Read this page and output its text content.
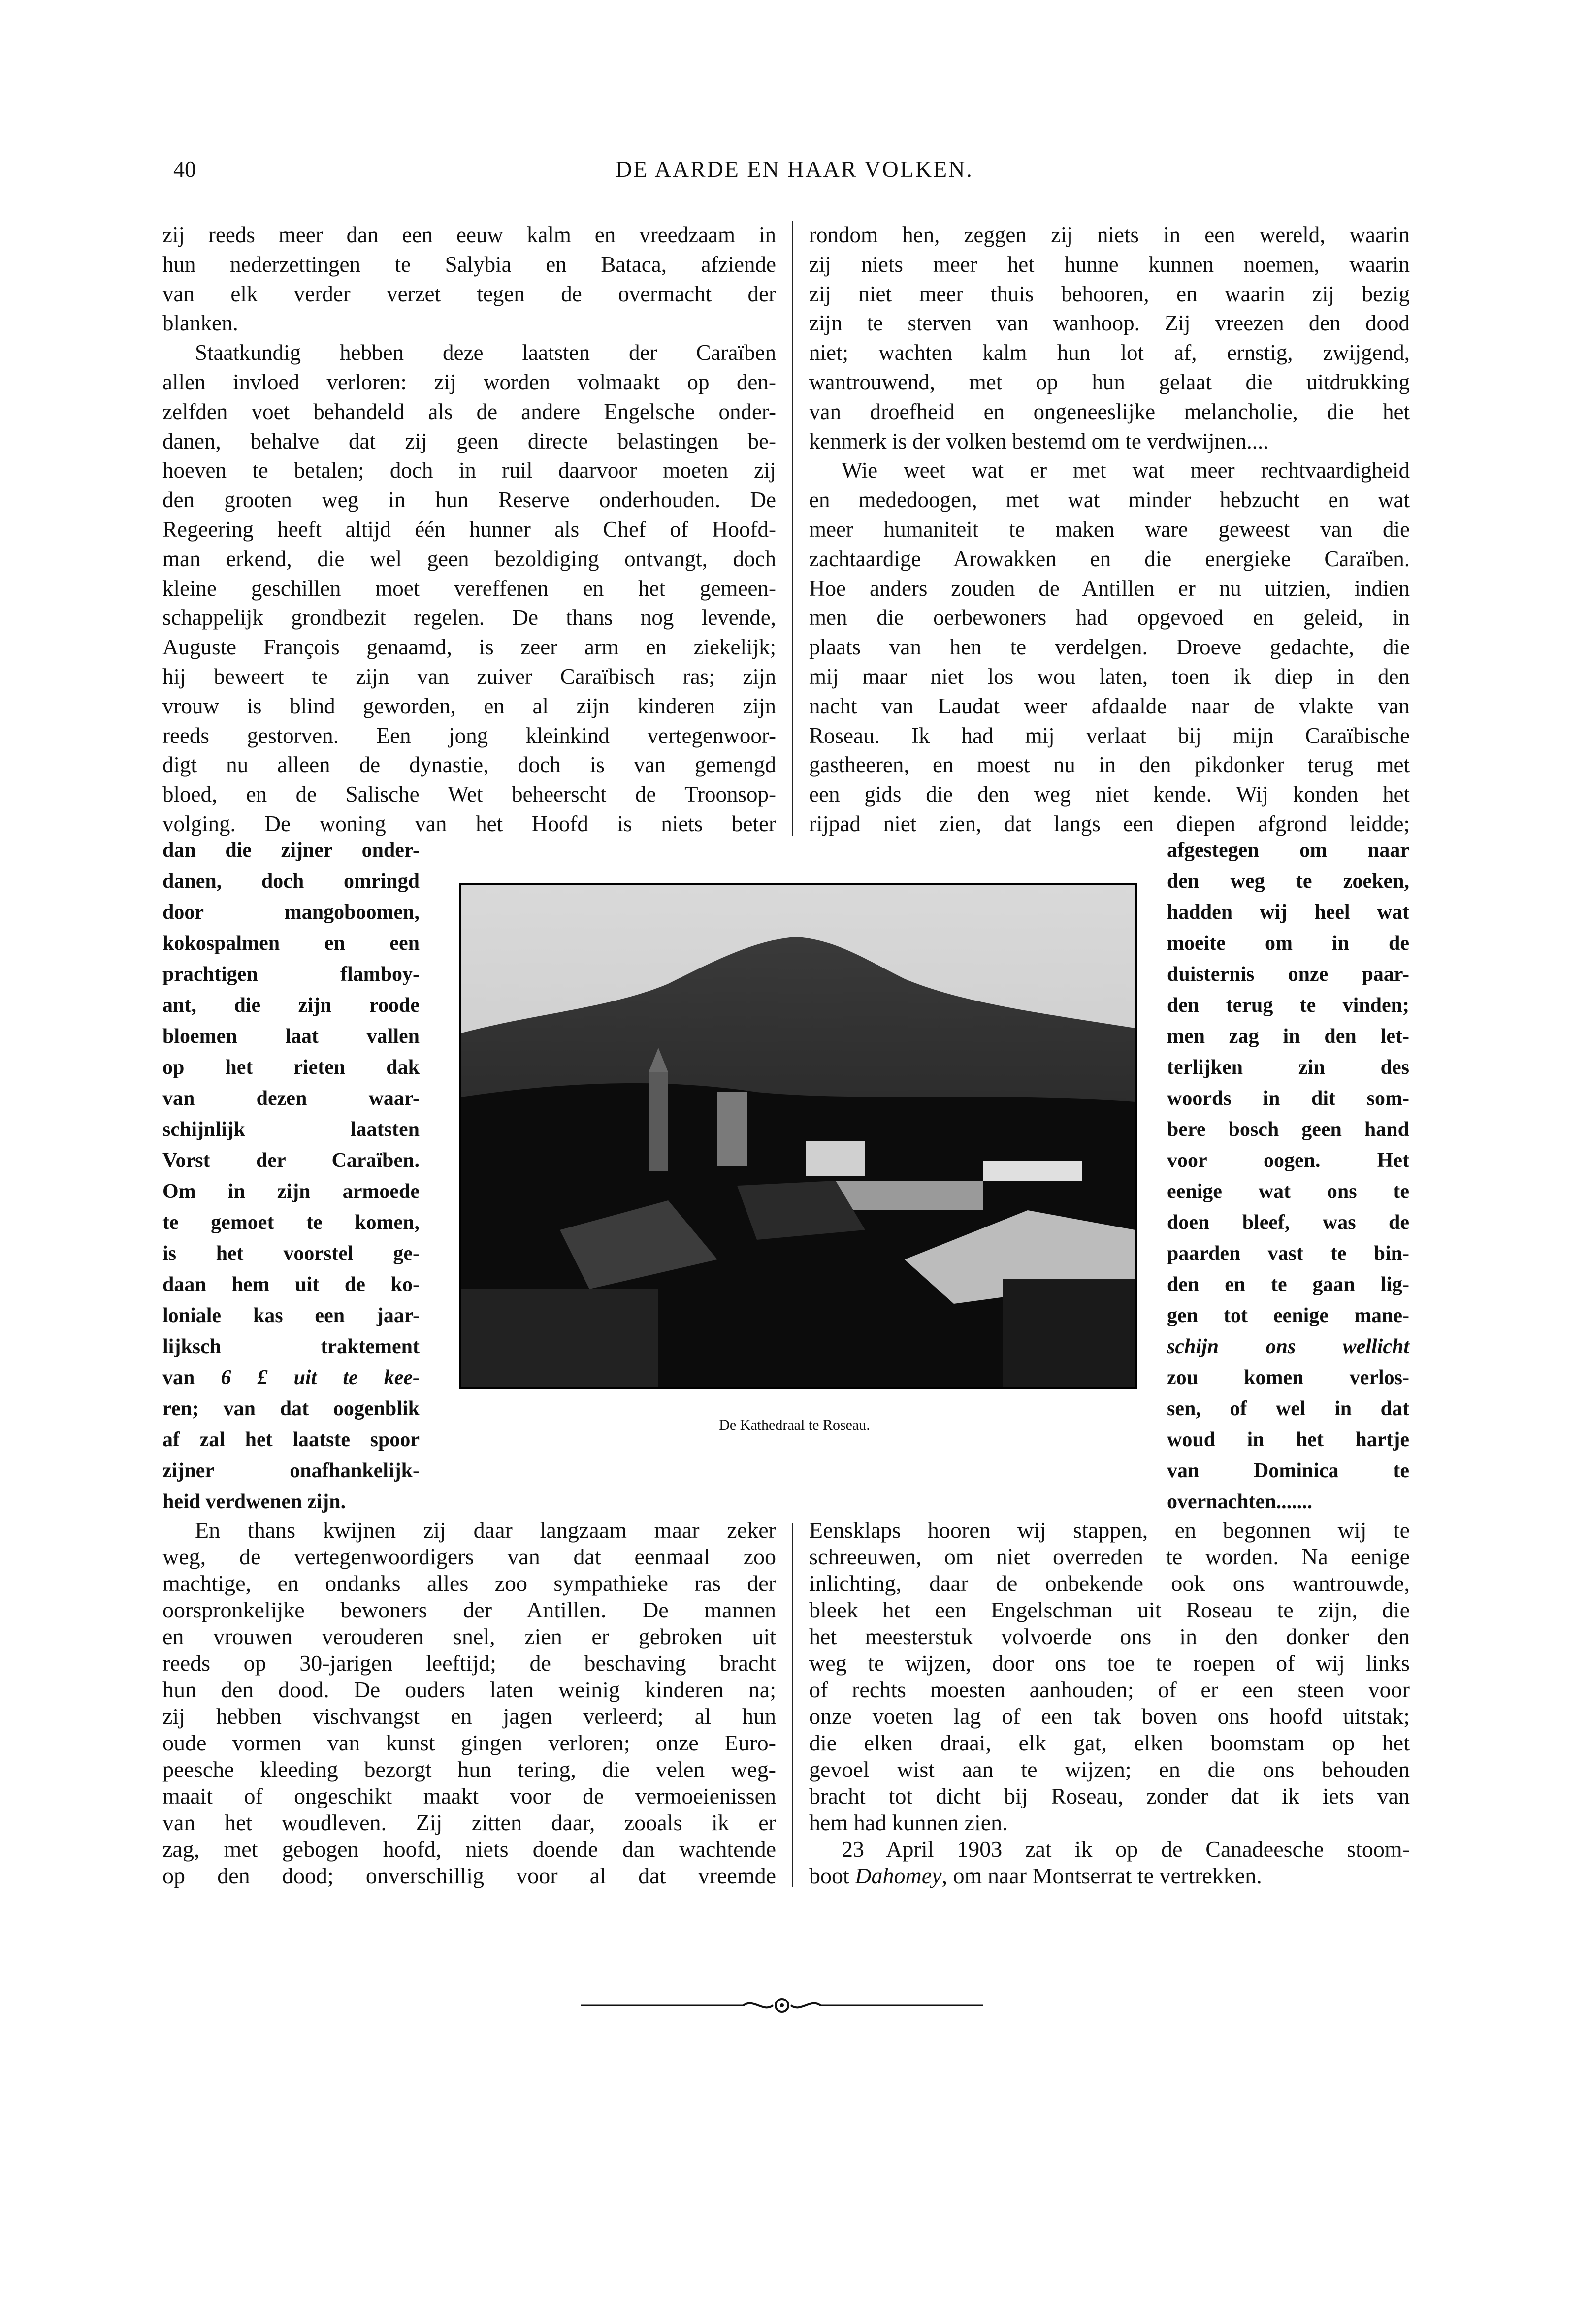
40	DE AARDE EN HAAR VOLKEN.
zij reeds meer dan een eeuw kalm en vreedzaam in
hun nederzettingen te Salybia en Bataca, afziende
van elk verder verzet tegen de overmacht der
blanken.
Staatkundig hebben deze laatsten der Caraïben
allen invloed verloren: zij worden volmaakt op den-
zelfden voet behandeld als de andere Engelsche onder-
danen, behalve dat zij geen directe belastingen be-
hoeven te betalen; doch in ruil daarvoor moeten zij
den grooten weg in hun Reserve onderhouden. De
Regeering heeft altijd één hunner als Chef of Hoofd-
man erkend, die wel geen bezoldiging ontvangt, doch
kleine geschillen moet vereffenen en het gemeen-
schappelijk grondbezit regelen. De thans nog levende,
Auguste François genaamd, is zeer arm en ziekelijk;
hij beweert te zijn van zuiver Caraïbisch ras; zijn
vrouw is blind geworden, en al zijn kinderen zijn
reeds gestorven. Een jong kleinkind vertegenwoor-
digt nu alleen de dynastie, doch is van gemengd
bloed, en de Salische Wet beheerscht de Troonsop-
volging. De woning van het Hoofd is niets beter
rondom hen, zeggen zij niets in een wereld, waarin
zij niets meer het hunne kunnen noemen, waarin
zij niet meer thuis behooren, en waarin zij bezig
zijn te sterven van wanhoop. Zij vreezen den dood
niet; wachten kalm hun lot af, ernstig, zwijgend,
wantrouwend, met op hun gelaat die uitdrukking
van droefheid en ongeneeslijke melancholie, die het
kenmerk is der volken bestemd om te verdwijnen....
Wie weet wat er met wat meer rechtvaardigheid
en mededoogen, met wat minder hebzucht en wat
meer humaniteit te maken ware geweest van die
zachtaardige Arowakken en die energieke Caraïben.
Hoe anders zouden de Antillen er nu uitzien, indien
men die oerbewoners had opgevoed en geleid, in
plaats van hen te verdelgen. Droeve gedachte, die
mij maar niet los wou laten, toen ik diep in den
nacht van Laudat weer afdaalde naar de vlakte van
Roseau. Ik had mij verlaat bij mijn Caraïbische
gastheeren, en moest nu in den pikdonker terug met
een gids die den weg niet kende. Wij konden het
rijpad niet zien, dat langs een diepen afgrond leidde;
dan die zijner onder-
danen, doch omringd
door mangoboomen,
kokospalmen en een
prachtigen flamboy-
ant, die zijn roode
bloemen laat vallen
op het rieten dak
van dezen waar-
schijnlijk laatsten
Vorst der Caraïben.
Om in zijn armoede
te gemoet te komen,
is het voorstel ge-
daan hem uit de ko-
loniale kas een jaar-
lijksch traktement
van 6 £ uit te kee-
ren; van dat oogenblik
af zal het laatste spoor
zijner onafhankelijk-
heid verdwenen zijn.
afgestegen om naar
den weg te zoeken,
hadden wij heel wat
moeite om in de
duisternis onze paar-
den terug te vinden;
men zag in den let-
terlijken zin des
woords in dit som-
bere bosch geen hand
voor oogen. Het
eenige wat ons te
doen bleef, was de
paarden vast te bin-
den en te gaan lig-
gen tot eenige mane-
schijn ons wellicht
zou komen verlos-
sen, of wel in dat
woud in het hartje
van Dominica te
overnachten.......
En thans kwijnen zij daar langzaam maar zeker
weg, de vertegenwoordigers van dat eenmaal zoo
machtige, en ondanks alles zoo sympathieke ras der
oorspronkelijke bewoners der Antillen. De mannen
en vrouwen verouderen snel, zien er gebroken uit
reeds op 30-jarigen leeftijd; de beschaving bracht
hun den dood. De ouders laten weinig kinderen na;
zij hebben vischvangst en jagen verleerd; al hun
oude vormen van kunst gingen verloren; onze Euro-
peesche kleeding bezorgt hun tering, die velen weg-
maait of ongeschikt maakt voor de vermoeienissen
van het woudleven. Zij zitten daar, zooals ik er
zag, met gebogen hoofd, niets doende dan wachtende
op den dood; onverschillig voor al dat vreemde
Eensklaps hooren wij stappen, en begonnen wij te
schreeuwen, om niet overreden te worden. Na eenige
inlichting, daar de onbekende ook ons wantrouwde,
bleek het een Engelschman uit Roseau te zijn, die
het meesterstuk volvoerde ons in den donker den
weg te wijzen, door ons toe te roepen of wij links
of rechts moesten aanhouden; of er een steen voor
onze voeten lag of een tak boven ons hoofd uitstak;
die elken draai, elk gat, elken boomstam op het
gevoel wist aan te wijzen; en die ons behouden
bracht tot dicht bij Roseau, zonder dat ik iets van
hem had kunnen zien.
23 April 1903 zat ik op de Canadeesche stoom-
boot Dahomey, om naar Montserrat te vertrekken.
De Kathedraal te Roseau.
